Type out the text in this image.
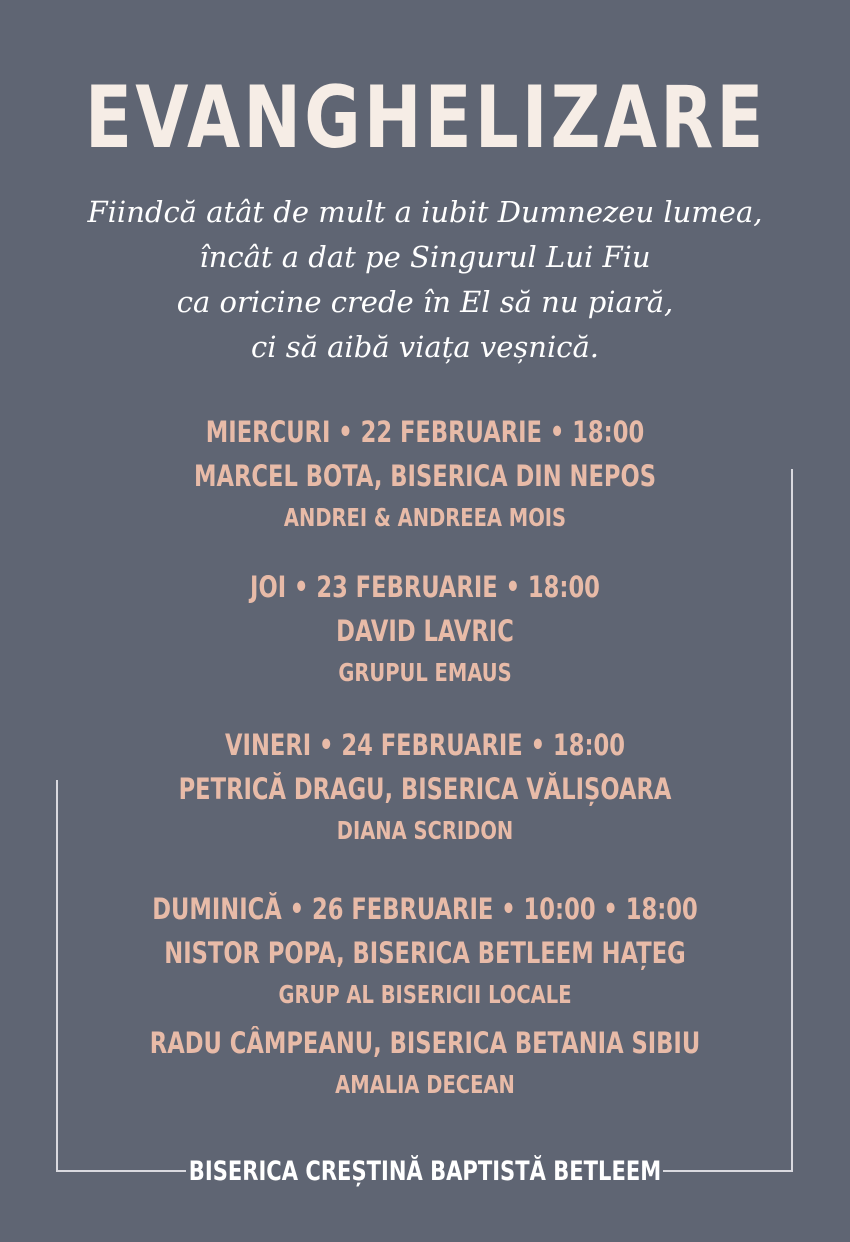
EVANGHELIZARE
Fiindcă atât de mult a iubit Dumnezeu lumea,
încât a dat pe Singurul Lui Fiu
ca oricine crede în El să nu piară,
ci să aibă viața veșnică.
MIERCURI • 22 FEBRUARIE • 18:00
MARCEL BOTA, BISERICA DIN NEPOS
ANDREI & ANDREEA MOIS
JOI • 23 FEBRUARIE • 18:00
DAVID LAVRIC
GRUPUL EMAUS
VINERI • 24 FEBRUARIE • 18:00
PETRICĂ DRAGU, BISERICA VĂLIȘOARA
DIANA SCRIDON
DUMINICĂ • 26 FEBRUARIE • 10:00 • 18:00
NISTOR POPA, BISERICA BETLEEM HAȚEG
GRUP AL BISERICII LOCALE
RADU CÂMPEANU, BISERICA BETANIA SIBIU
AMALIA DECEAN
BISERICA CREȘTINĂ BAPTISTĂ BETLEEM
